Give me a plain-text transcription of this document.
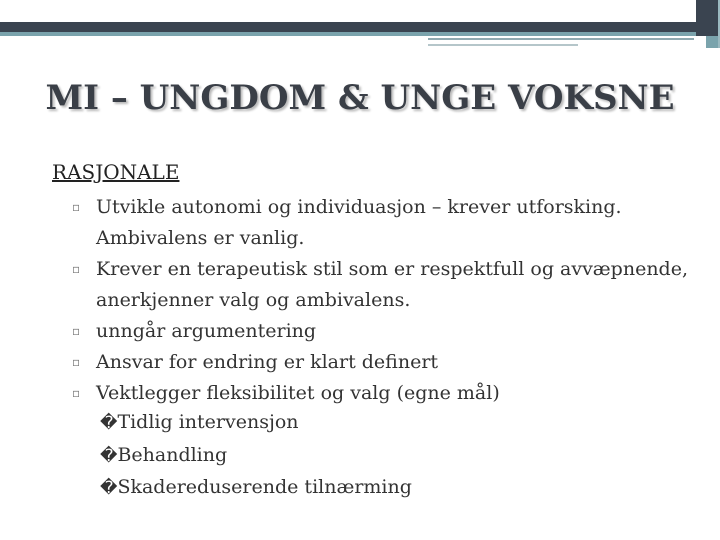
MI – UNGDOM & UNGE VOKSNE
RASJONALE
▫ Utvikle autonomi og individuasjon – krever utforsking. Ambivalens er vanlig.
▫ Krever en terapeutisk stil som er respektfull og avvæpnende, anerkjenner valg og ambivalens.
▫ unngår argumentering
▫ Ansvar for endring er klart definert
▫ Vektlegger fleksibilitet og valg (egne mål)
�Tidlig intervensjon
�Behandling
�Skadereduserende tilnærming
